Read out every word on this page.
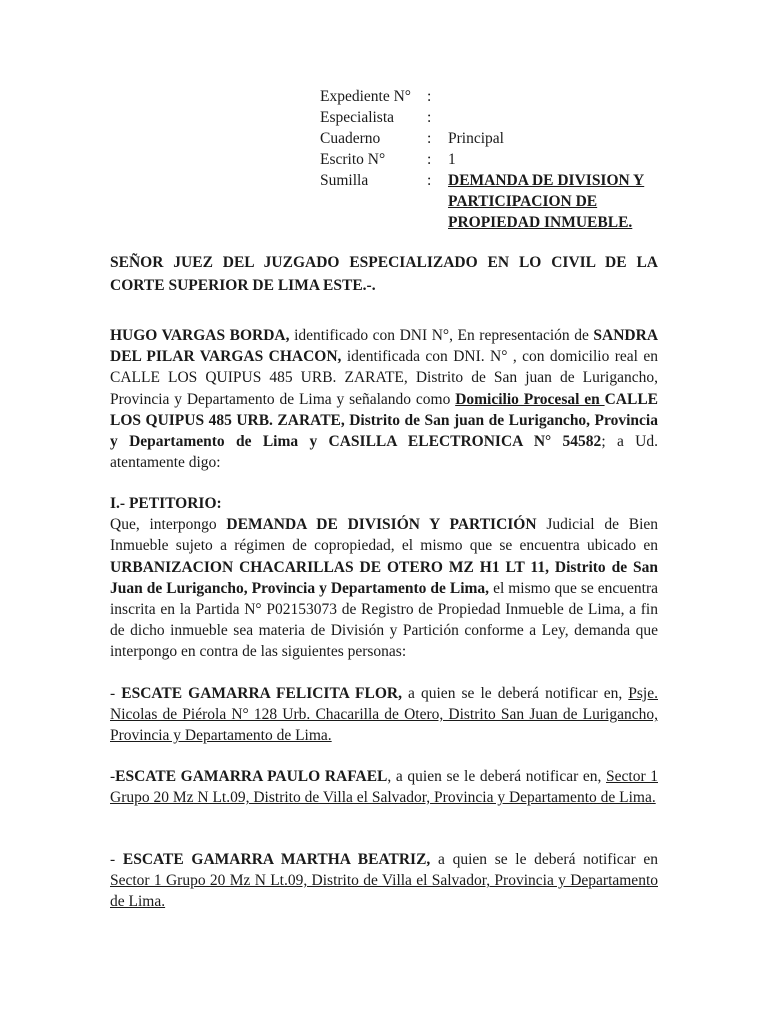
Expediente N°	:	
Especialista	:	
Cuaderno	:	Principal
Escrito N°	:	1
Sumilla	:	DEMANDA DE DIVISION Y PARTICIPACION DE PROPIEDAD INMUEBLE.
SEÑOR JUEZ DEL JUZGADO ESPECIALIZADO EN LO CIVIL DE LA CORTE SUPERIOR DE LIMA ESTE.-.
HUGO VARGAS BORDA, identificado con DNI N°, En representación de SANDRA DEL PILAR VARGAS CHACON, identificada con DNI. N° , con domicilio real en CALLE LOS QUIPUS 485 URB. ZARATE, Distrito de San juan de Lurigancho, Provincia y Departamento de Lima y señalando como Domicilio Procesal en CALLE LOS QUIPUS 485 URB. ZARATE, Distrito de San juan de Lurigancho, Provincia y Departamento de Lima y CASILLA ELECTRONICA N° 54582; a Ud. atentamente digo:
I.- PETITORIO:
Que, interpongo DEMANDA DE DIVISIÓN Y PARTICIÓN Judicial de Bien Inmueble sujeto a régimen de copropiedad, el mismo que se encuentra ubicado en URBANIZACION CHACARILLAS DE OTERO MZ H1 LT 11, Distrito de San Juan de Lurigancho, Provincia y Departamento de Lima, el mismo que se encuentra inscrita en la Partida N° P02153073 de Registro de Propiedad Inmueble de Lima, a fin de dicho inmueble sea materia de División y Partición conforme a Ley, demanda que interpongo en contra de las siguientes personas:
- ESCATE GAMARRA FELICITA FLOR, a quien se le deberá notificar en, Psje. Nicolas de Piérola N° 128 Urb. Chacarilla de Otero, Distrito San Juan de Lurigancho, Provincia y Departamento de Lima.
-ESCATE GAMARRA PAULO RAFAEL, a quien se le deberá notificar en, Sector 1 Grupo 20 Mz N Lt.09, Distrito de Villa el Salvador, Provincia y Departamento de Lima.
- ESCATE GAMARRA MARTHA BEATRIZ, a quien se le deberá notificar en Sector 1 Grupo 20 Mz N Lt.09, Distrito de Villa el Salvador, Provincia y Departamento de Lima.
